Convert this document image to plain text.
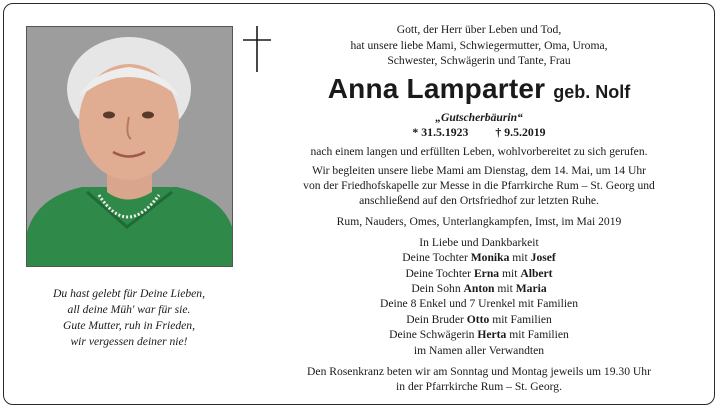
Du hast gelebt für Deine Lieben,
all deine Müh' war für sie.
Gute Mutter, ruh in Frieden,
wir vergessen deiner nie!
Gott, der Herr über Leben und Tod,
hat unsere liebe Mami, Schwiegermutter, Oma, Uroma,
Schwester, Schwägerin und Tante, Frau
Anna Lamparter geb. Nolf
„Gutscherbäurin“
* 31.5.1923 † 9.5.2019
nach einem langen und erfüllten Leben, wohlvorbereitet zu sich gerufen.
Wir begleiten unsere liebe Mami am Dienstag, dem 14. Mai, um 14 Uhr
von der Friedhofskapelle zur Messe in die Pfarrkirche Rum – St. Georg und
anschließend auf den Ortsfriedhof zur letzten Ruhe.
Rum, Nauders, Omes, Unterlangkampfen, Imst, im Mai 2019
In Liebe und Dankbarkeit
Deine Tochter Monika mit Josef
Deine Tochter Erna mit Albert
Dein Sohn Anton mit Maria
Deine 8 Enkel und 7 Urenkel mit Familien
Dein Bruder Otto mit Familien
Deine Schwägerin Herta mit Familien
im Namen aller Verwandten
Den Rosenkranz beten wir am Sonntag und Montag jeweils um 19.30 Uhr
in der Pfarrkirche Rum – St. Georg.
